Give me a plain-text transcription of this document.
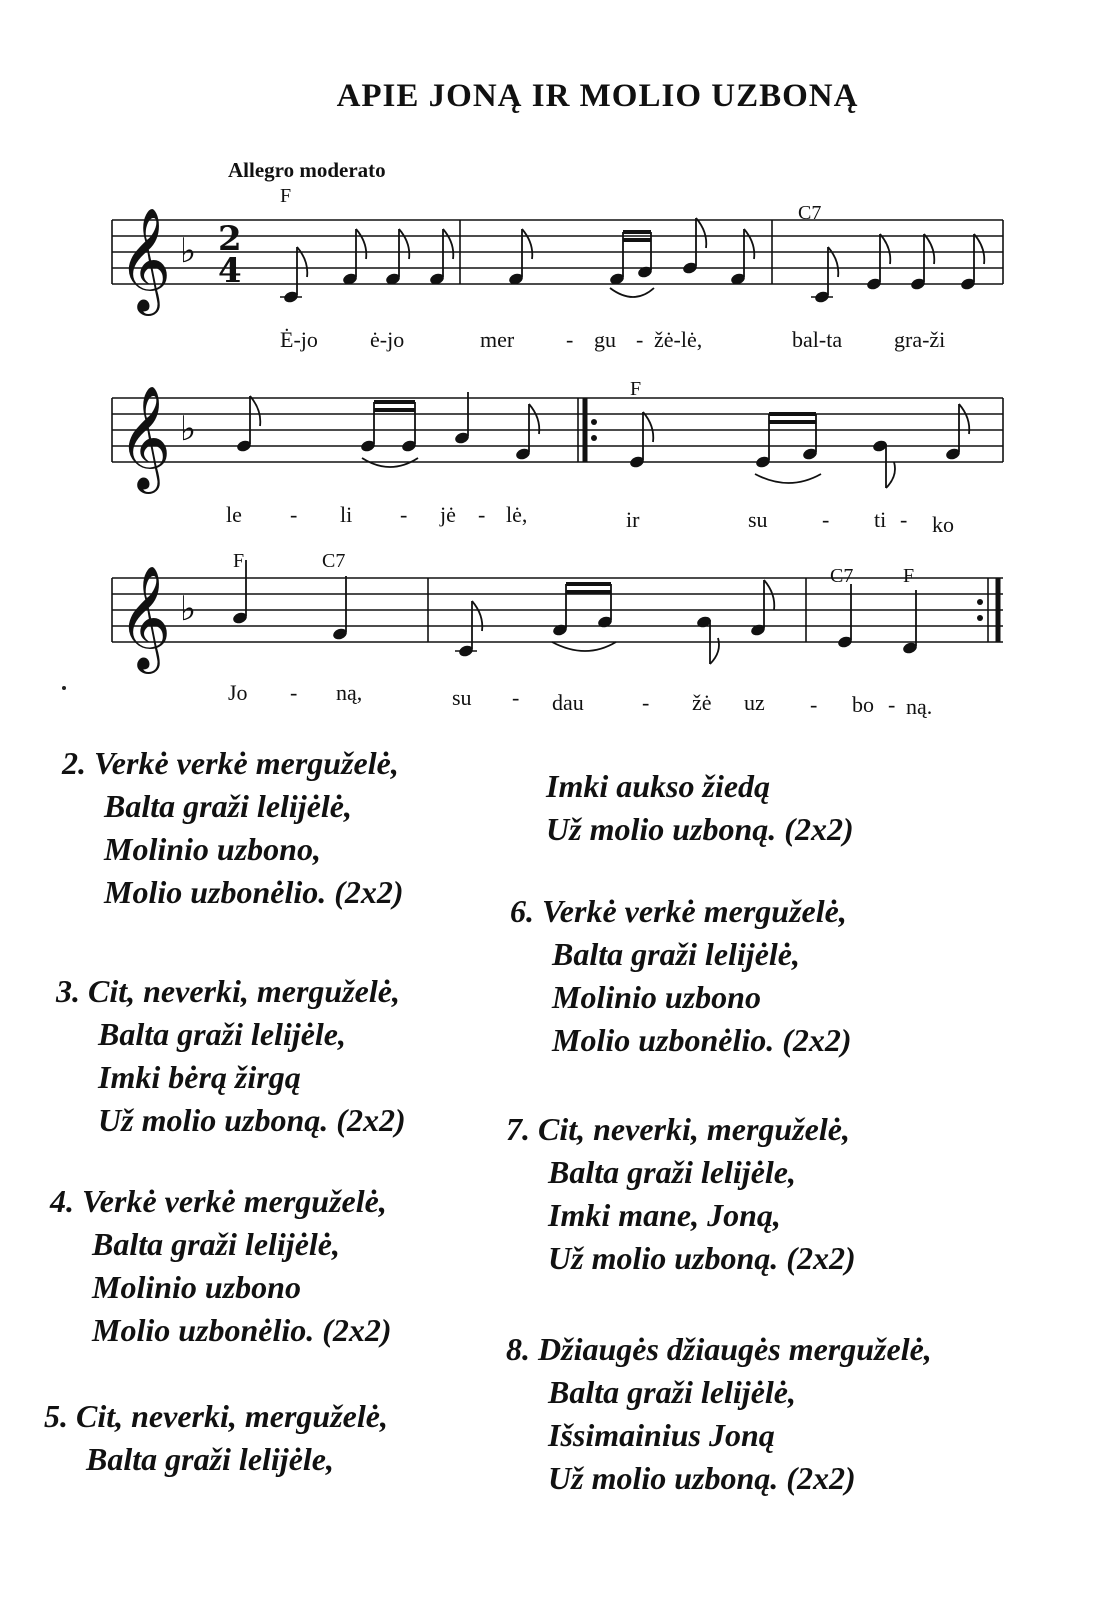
APIE JONĄ IR MOLIO UZBONĄ
Allegro moderato
F
C7
F
F	C7
C7 F
𝄞
𝄞
𝄞
♭
♭
♭
2
4
Ė-jo ė-jo	mer - gu - žė-lė,	bal-ta gra-ži
le - li - jė - lė,	ir	su - ti - ko
Jo - ną,	su - dau	- žė uz - bo - ną.
2. Verkė verkė merguželė,
Balta graži lelijėlė,
Molinio uzbono,
Molio uzbonėlio. (2x2)
3. Cit, neverki, merguželė,
Balta graži lelijėle,
Imki bėrą žirgą
Už molio uzboną. (2x2)
4. Verkė verkė merguželė,
Balta graži lelijėlė,
Molinio uzbono
Molio uzbonėlio. (2x2)
5. Cit, neverki, merguželė,
Balta graži lelijėle,
Imki aukso žiedą
Už molio uzboną. (2x2)
6. Verkė verkė merguželė,
Balta graži lelijėlė,
Molinio uzbono
Molio uzbonėlio. (2x2)
7. Cit, neverki, merguželė,
Balta graži lelijėle,
Imki mane, Joną,
Už molio uzboną. (2x2)
8. Džiaugės džiaugės merguželė,
Balta graži lelijėlė,
Išsimainius Joną
Už molio uzboną. (2x2)
